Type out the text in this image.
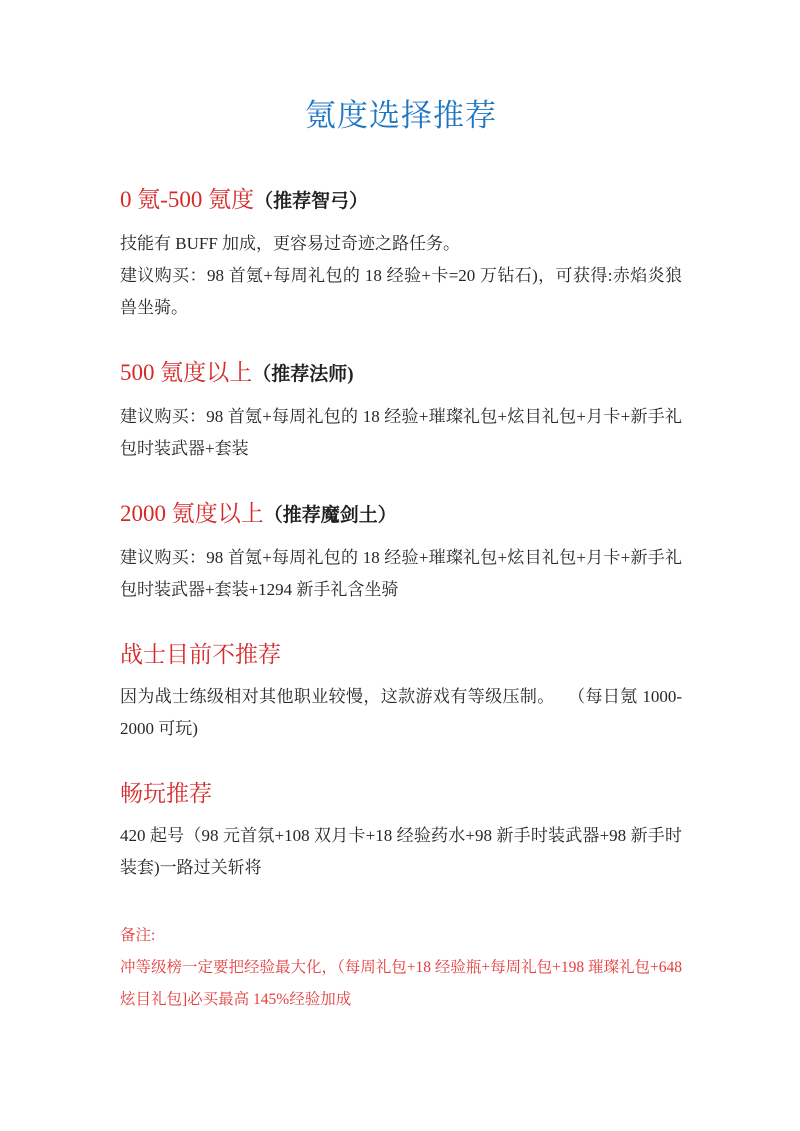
氪度选择推荐
0 氪-500 氪度（推荐智弓）

技能有 BUFF 加成，更容易过奇迹之路任务。

建议购买：98 首氪+每周礼包的 18 经验+卡=20 万钻石)，可获得:赤焰炎狼兽坐骑。

500 氪度以上（推荐法师)

建议购买：98 首氪+每周礼包的 18 经验+璀璨礼包+炫目礼包+月卡+新手礼包时装武器+套装

2000 氪度以上（推荐魔剑土）

建议购买：98 首氪+每周礼包的 18 经验+璀璨礼包+炫目礼包+月卡+新手礼包时装武器+套装+1294 新手礼含坐骑

战士目前不推荐

因为战士练级相对其他职业较慢，这款游戏有等级压制。　 （每日氪 1000-2000 可玩)

畅玩推荐

420 起号（98 元首氛+108 双月卡+18 经验药水+98 新手时装武器+98 新手时装套)一路过关斩将

备注:

冲等级榜一定要把经验最大化，（每周礼包+18 经验瓶+每周礼包+198 璀璨礼包+648 炫目礼包]必买最高 145%经验加成
